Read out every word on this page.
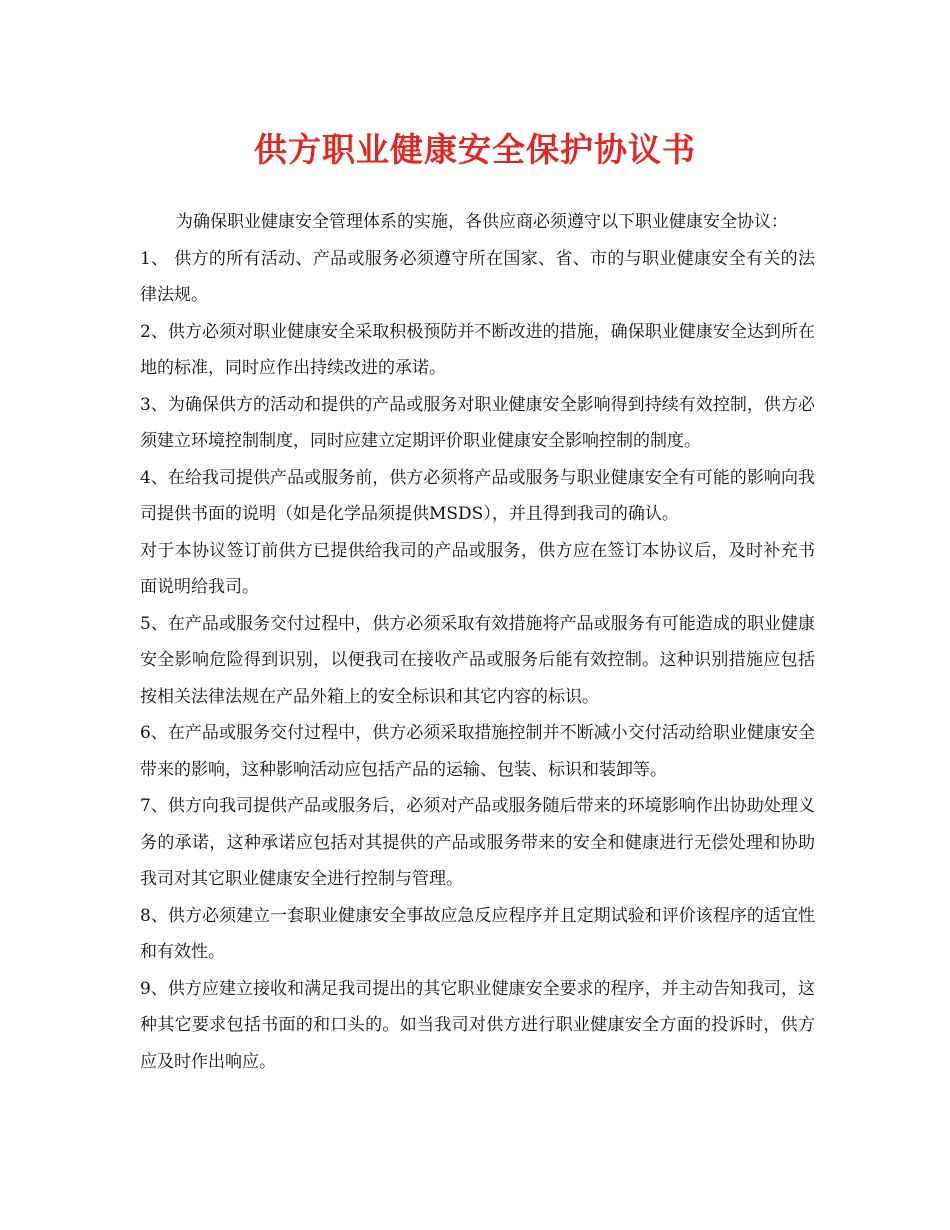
供方职业健康安全保护协议书

为确保职业健康安全管理体系的实施，各供应商必须遵守以下职业健康安全协议：

1、 供方的所有活动、产品或服务必须遵守所在国家、省、市的与职业健康安全有关的法律法规。

2、供方必须对职业健康安全采取积极预防并不断改进的措施，确保职业健康安全达到所在地的标准，同时应作出持续改进的承诺。

3、为确保供方的活动和提供的产品或服务对职业健康安全影响得到持续有效控制，供方必须建立环境控制制度，同时应建立定期评价职业健康安全影响控制的制度。

4、在给我司提供产品或服务前，供方必须将产品或服务与职业健康安全有可能的影响向我司提供书面的说明（如是化学品须提供MSDS），并且得到我司的确认。

对于本协议签订前供方已提供给我司的产品或服务，供方应在签订本协议后，及时补充书面说明给我司。

5、在产品或服务交付过程中，供方必须采取有效措施将产品或服务有可能造成的职业健康安全影响危险得到识别，以便我司在接收产品或服务后能有效控制。这种识别措施应包括按相关法律法规在产品外箱上的安全标识和其它内容的标识。

6、在产品或服务交付过程中，供方必须采取措施控制并不断减小交付活动给职业健康安全带来的影响，这种影响活动应包括产品的运输、包装、标识和装卸等。

7、供方向我司提供产品或服务后，必须对产品或服务随后带来的环境影响作出协助处理义务的承诺，这种承诺应包括对其提供的产品或服务带来的安全和健康进行无偿处理和协助我司对其它职业健康安全进行控制与管理。

8、供方必须建立一套职业健康安全事故应急反应程序并且定期试验和评价该程序的适宜性和有效性。

9、供方应建立接收和满足我司提出的其它职业健康安全要求的程序，并主动告知我司，这种其它要求包括书面的和口头的。如当我司对供方进行职业健康安全方面的投诉时，供方应及时作出响应。
